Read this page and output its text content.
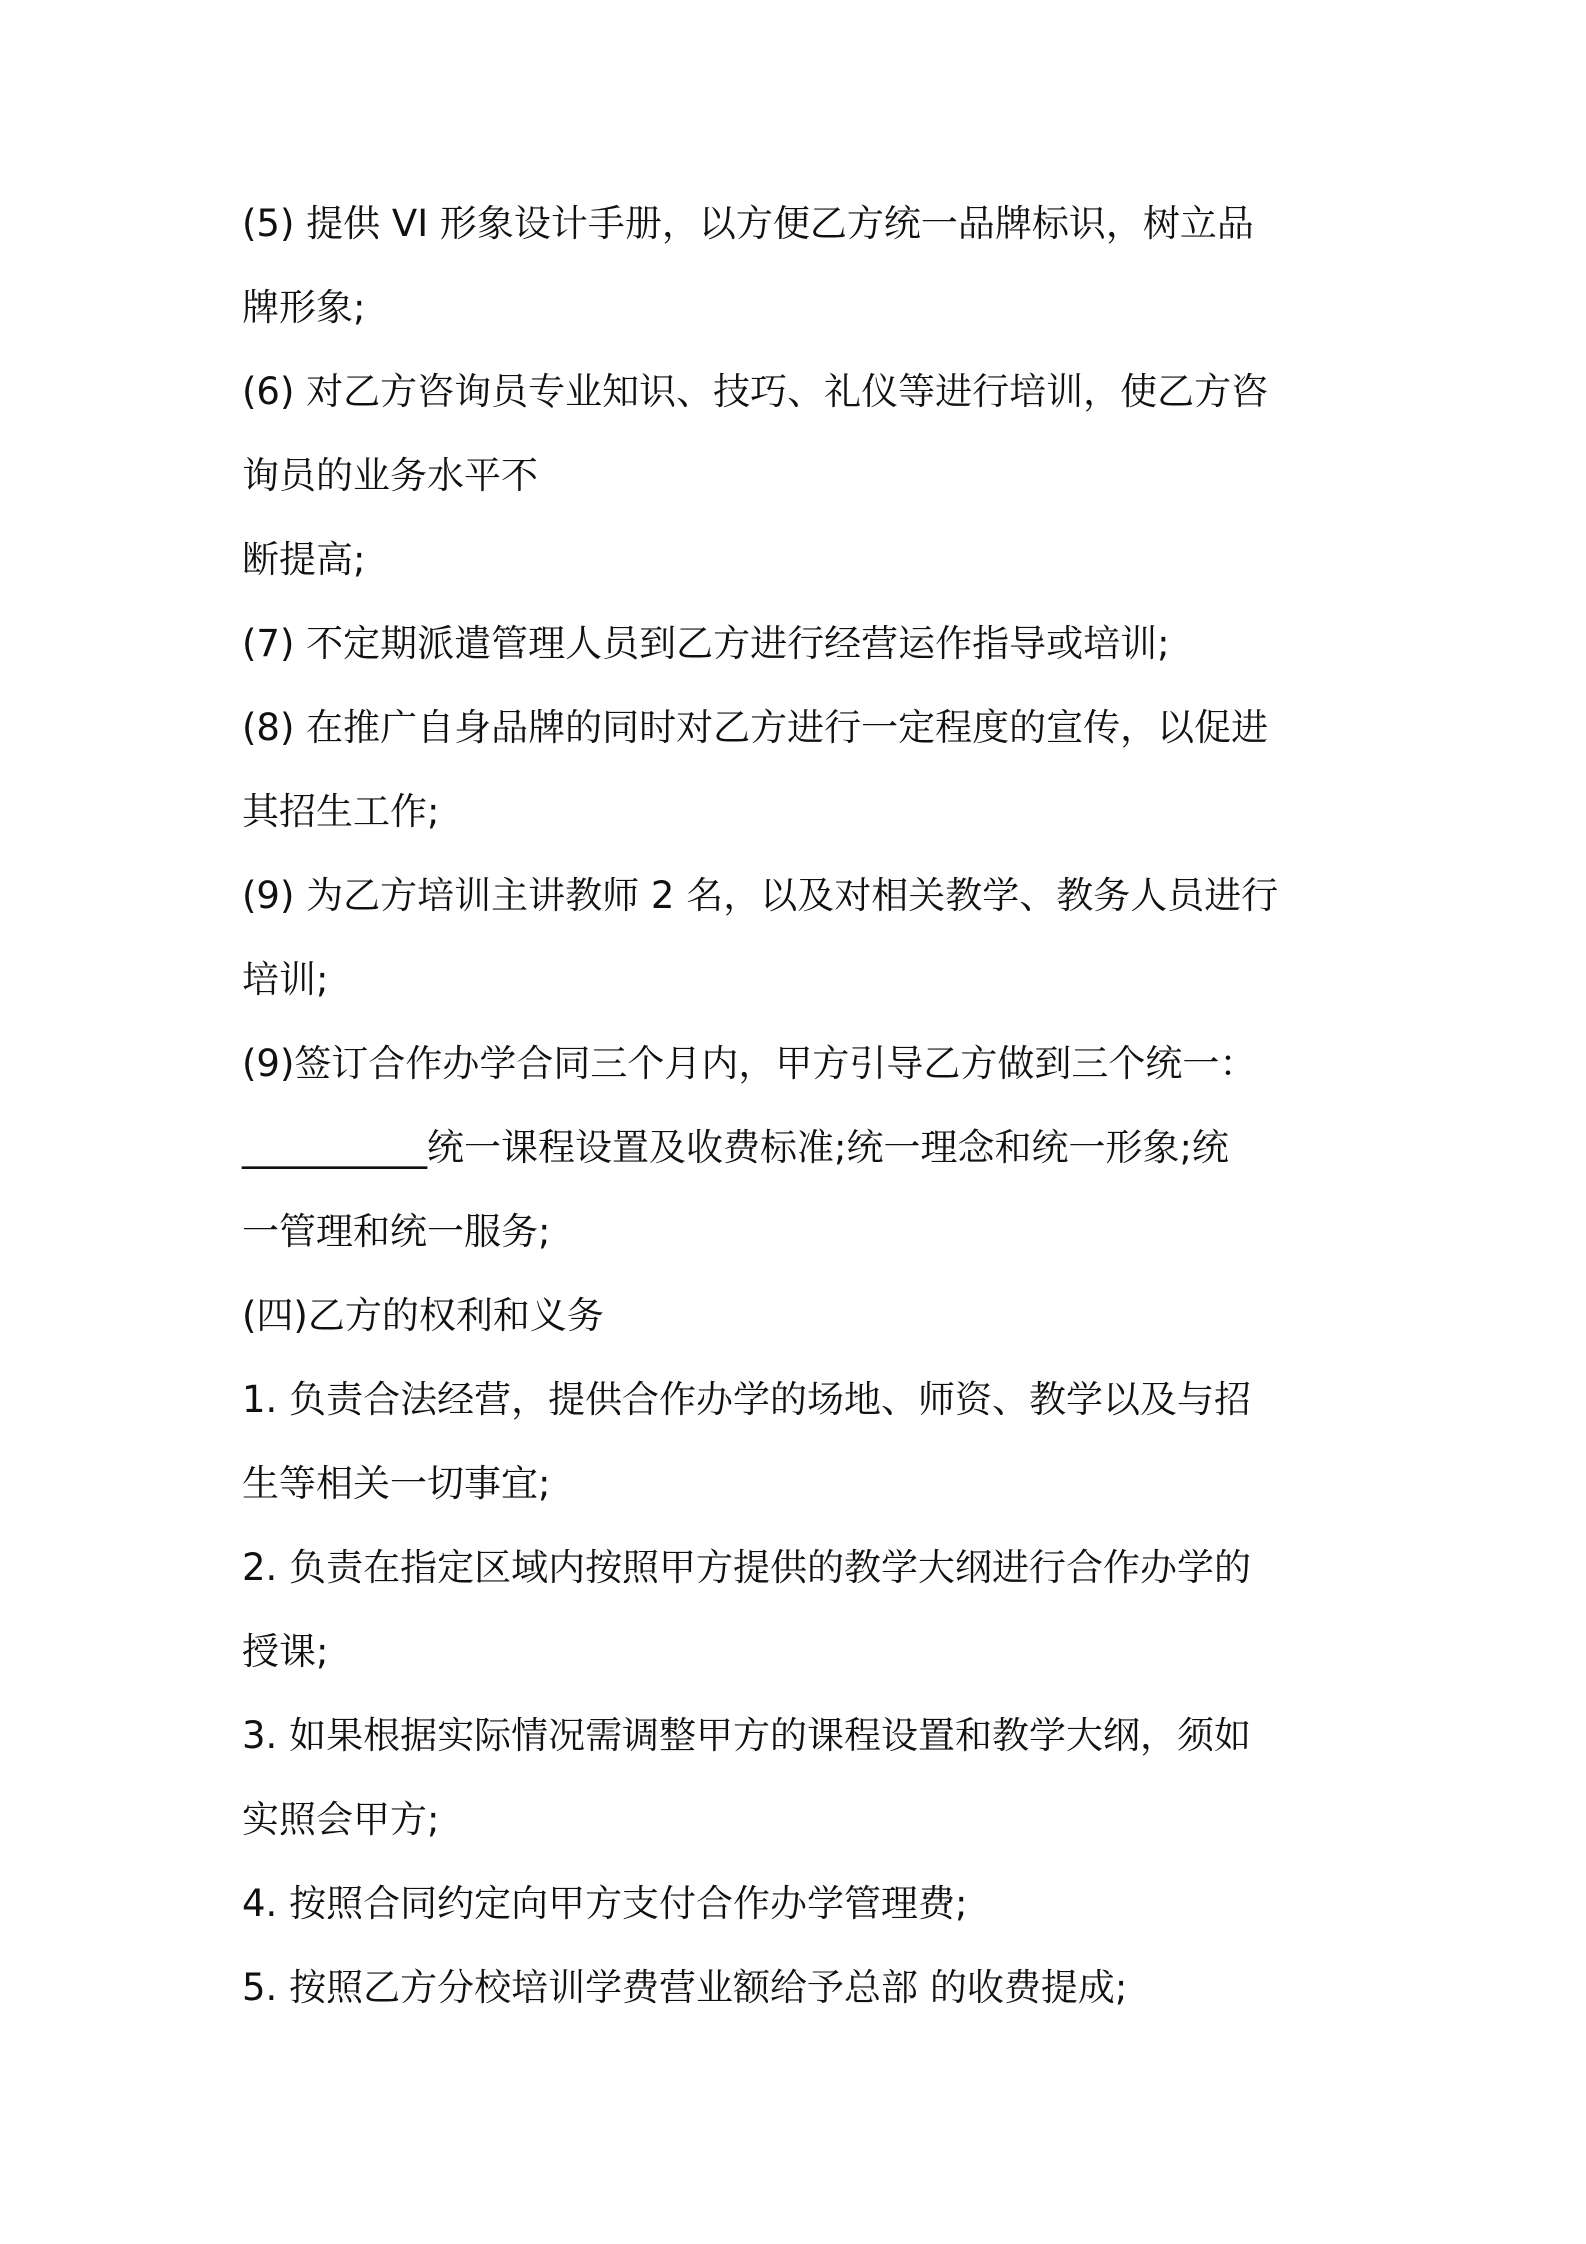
(5) 提供 VI 形象设计手册，以方便乙方统一品牌标识，树立品
牌形象;
(6) 对乙方咨询员专业知识、技巧、礼仪等进行培训，使乙方咨
询员的业务水平不
断提高;
(7) 不定期派遣管理人员到乙方进行经营运作指导或培训;
(8) 在推广自身品牌的同时对乙方进行一定程度的宣传，以促进
其招生工作;
(9) 为乙方培训主讲教师 2 名，以及对相关教学、教务人员进行
培训;
(9)签订合作办学合同三个月内，甲方引导乙方做到三个统一：
__________统一课程设置及收费标准;统一理念和统一形象;统
一管理和统一服务;
(四)乙方的权利和义务
1. 负责合法经营，提供合作办学的场地、师资、教学以及与招
生等相关一切事宜;
2. 负责在指定区域内按照甲方提供的教学大纲进行合作办学的
授课;
3. 如果根据实际情况需调整甲方的课程设置和教学大纲，须如
实照会甲方;
4. 按照合同约定向甲方支付合作办学管理费;
5. 按照乙方分校培训学费营业额给予总部 的收费提成;
